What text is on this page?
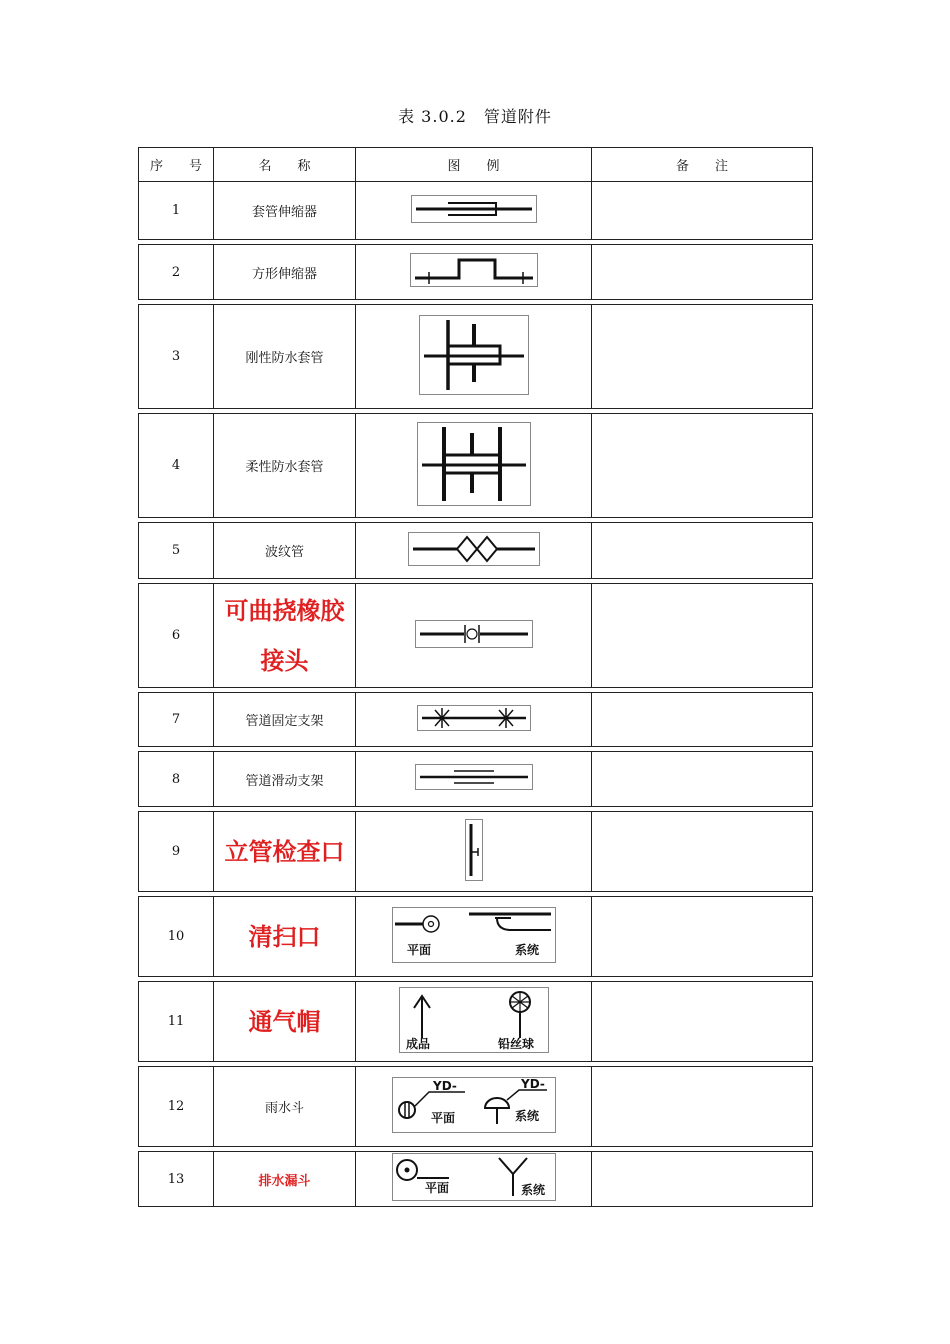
表 3.0.2　管道附件
序　　号	名　　称	图　　例	备　　注
1	套管伸缩器	

2	方形伸缩器	

3	刚性防水套管	

4	柔性防水套管	

5	波纹管	

6	可曲挠橡胶
接头

7	管道固定支架	

8	管道滑动支架	

9	立管检查口	

10	清扫口	平面 系统	

11	通气帽	成品 铅丝球	

12	雨水斗	YD-
平面
YD-
系统	

13	排水漏斗	平面 系统	
